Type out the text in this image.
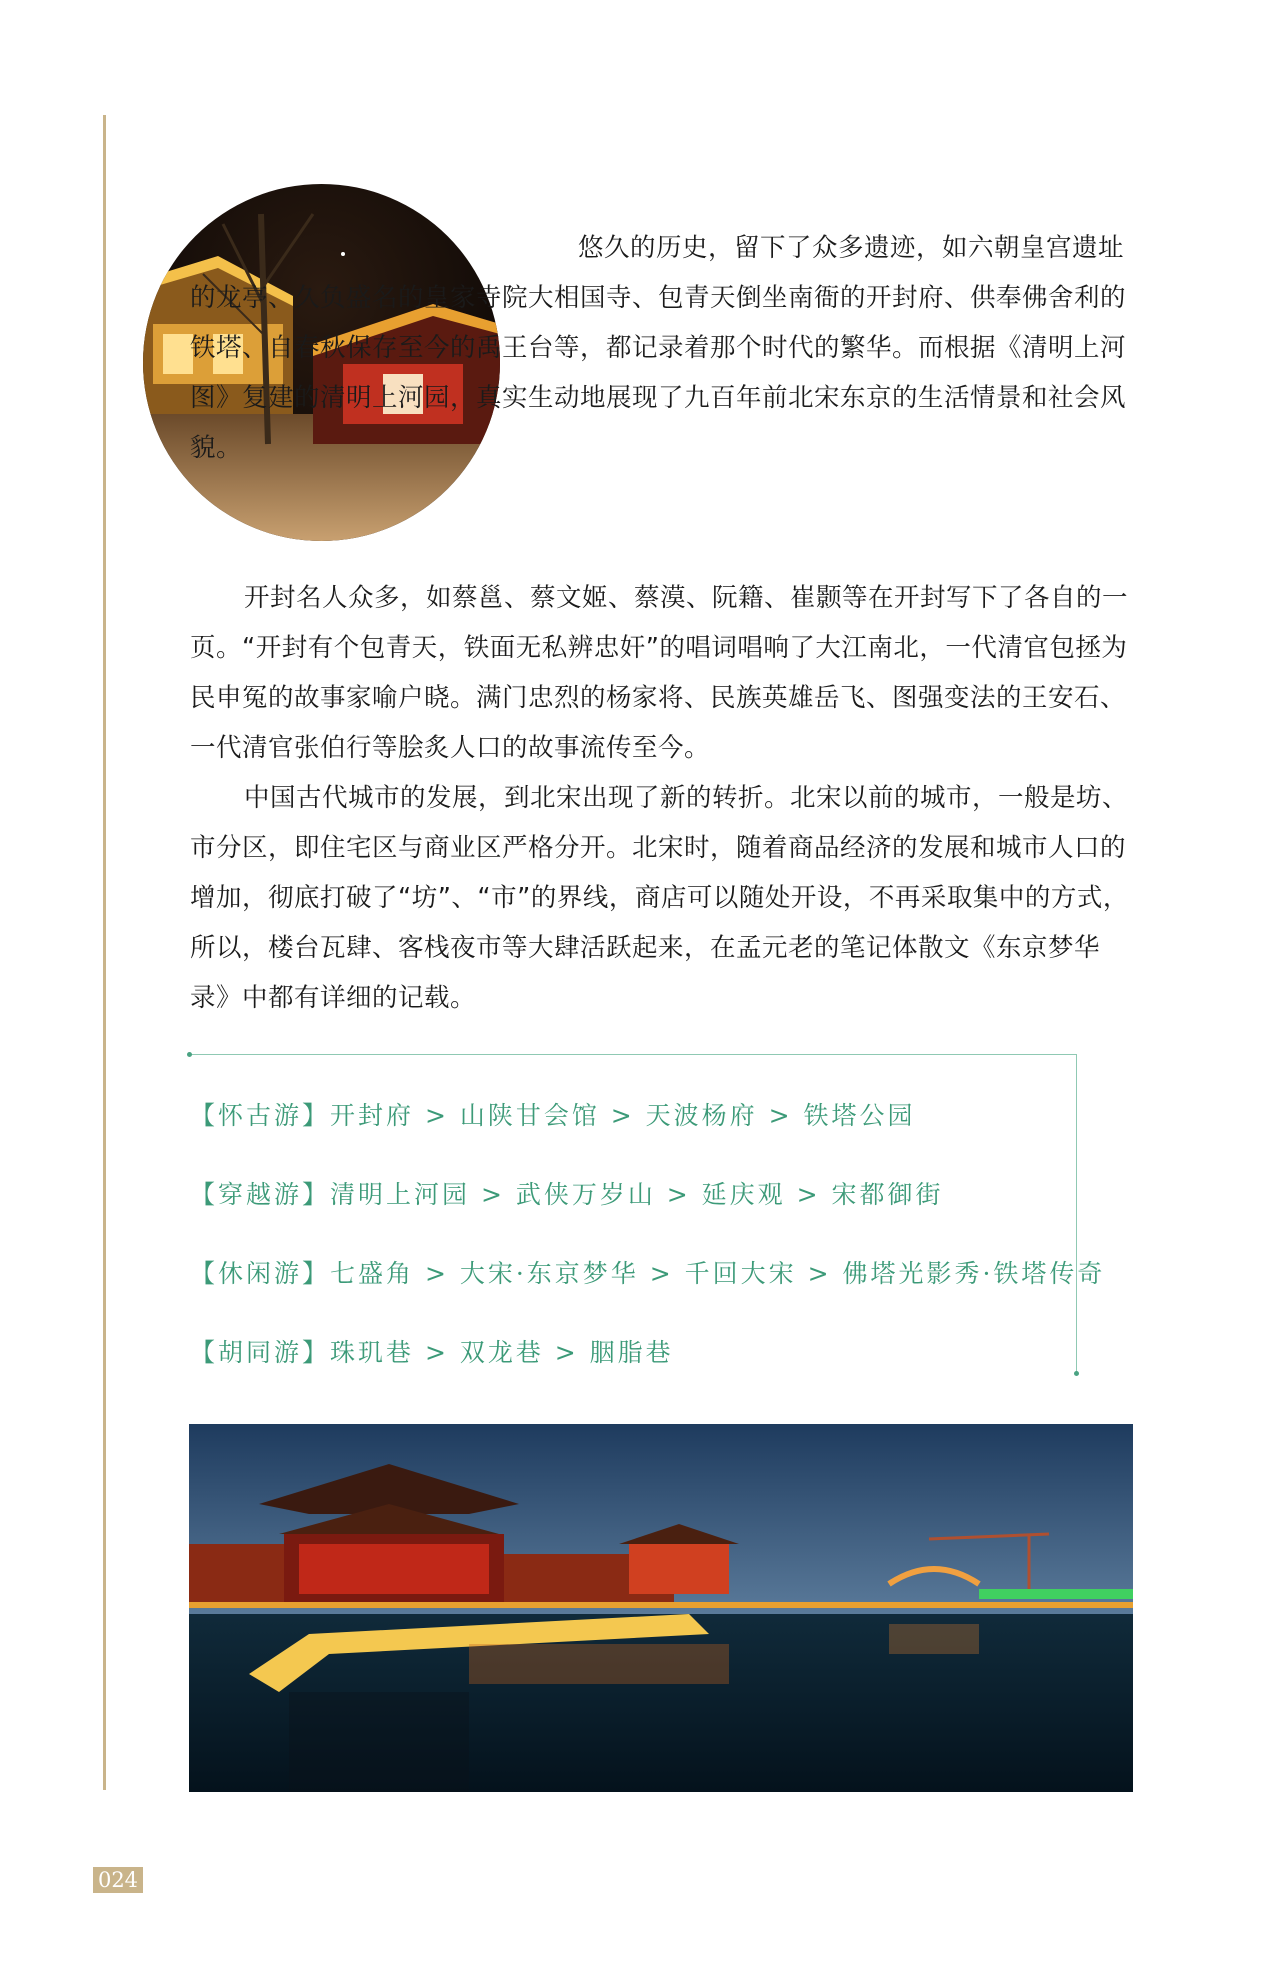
悠久的历史，留下了众多遗迹，如六朝皇宫遗址的龙亭、久负盛名的皇家寺院大相国寺、包青天倒坐南衙的开封府、供奉佛舍利的铁塔、自春秋保存至今的禹王台等，都记录着那个时代的繁华。而根据《清明上河图》复建的清明上河园，真实生动地展现了九百年前北宋东京的生活情景和社会风貌。

开封名人众多，如蔡邕、蔡文姬、蔡漠、阮籍、崔颢等在开封写下了各自的一页。“开封有个包青天，铁面无私辨忠奸”的唱词唱响了大江南北，一代清官包拯为民申冤的故事家喻户晓。满门忠烈的杨家将、民族英雄岳飞、图强变法的王安石、一代清官张伯行等脍炙人口的故事流传至今。

中国古代城市的发展，到北宋出现了新的转折。北宋以前的城市，一般是坊、市分区，即住宅区与商业区严格分开。北宋时，随着商品经济的发展和城市人口的增加，彻底打破了“坊”、“市”的界线，商店可以随处开设，不再采取集中的方式，所以，楼台瓦肆、客栈夜市等大肆活跃起来，在孟元老的笔记体散文《东京梦华录》中都有详细的记载。

【怀古游】开封府 > 山陕甘会馆 > 天波杨府 > 铁塔公园
【穿越游】清明上河园 > 武侠万岁山 > 延庆观 > 宋都御街
【休闲游】七盛角 > 大宋·东京梦华 > 千回大宋 > 佛塔光影秀·铁塔传奇
【胡同游】珠玑巷 > 双龙巷 > 胭脂巷
024
